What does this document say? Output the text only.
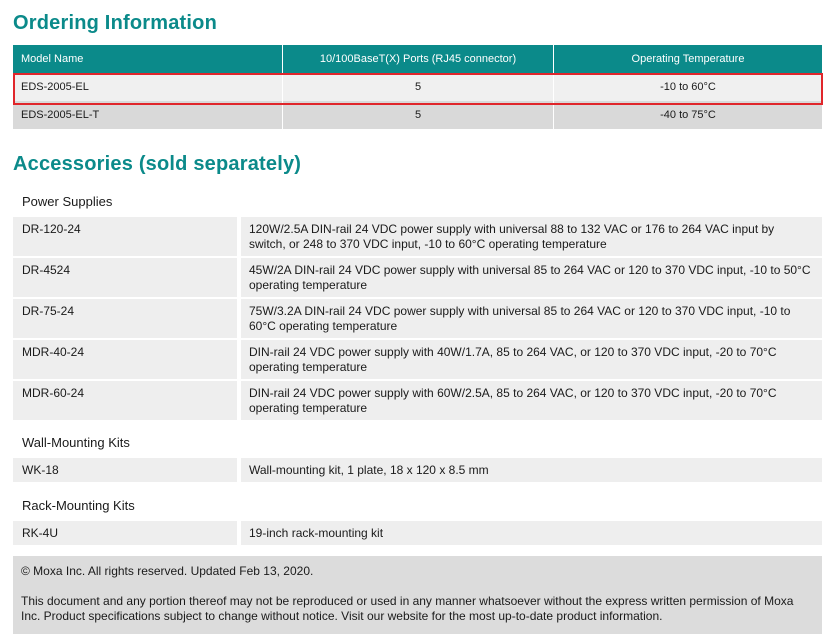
Ordering Information
Model Name	10/100BaseT(X) Ports (RJ45 connector)	Operating Temperature
EDS-2005-EL	5	-10 to 60°C
EDS-2005-EL-T	5	-40 to 75°C
Accessories (sold separately)
Power Supplies
DR-120-24	120W/2.5A DIN-rail 24 VDC power supply with universal 88 to 132 VAC or 176 to 264 VAC input by switch, or 248 to 370 VDC input, -10 to 60°C operating temperature
DR-4524	45W/2A DIN-rail 24 VDC power supply with universal 85 to 264 VAC or 120 to 370 VDC input, -10 to 50°C operating temperature
DR-75-24	75W/3.2A DIN-rail 24 VDC power supply with universal 85 to 264 VAC or 120 to 370 VDC input, -10 to 60°C operating temperature
MDR-40-24	DIN-rail 24 VDC power supply with 40W/1.7A, 85 to 264 VAC, or 120 to 370 VDC input, -20 to 70°C operating temperature
MDR-60-24	DIN-rail 24 VDC power supply with 60W/2.5A, 85 to 264 VAC, or 120 to 370 VDC input, -20 to 70°C operating temperature
Wall-Mounting Kits
WK-18	Wall-mounting kit, 1 plate, 18 x 120 x 8.5 mm
Rack-Mounting Kits
RK-4U	19-inch rack-mounting kit

© Moxa Inc. All rights reserved. Updated Feb 13, 2020.

This document and any portion thereof may not be reproduced or used in any manner whatsoever without the express written permission of Moxa Inc. Product specifications subject to change without notice. Visit our website for the most up-to-date product information.
